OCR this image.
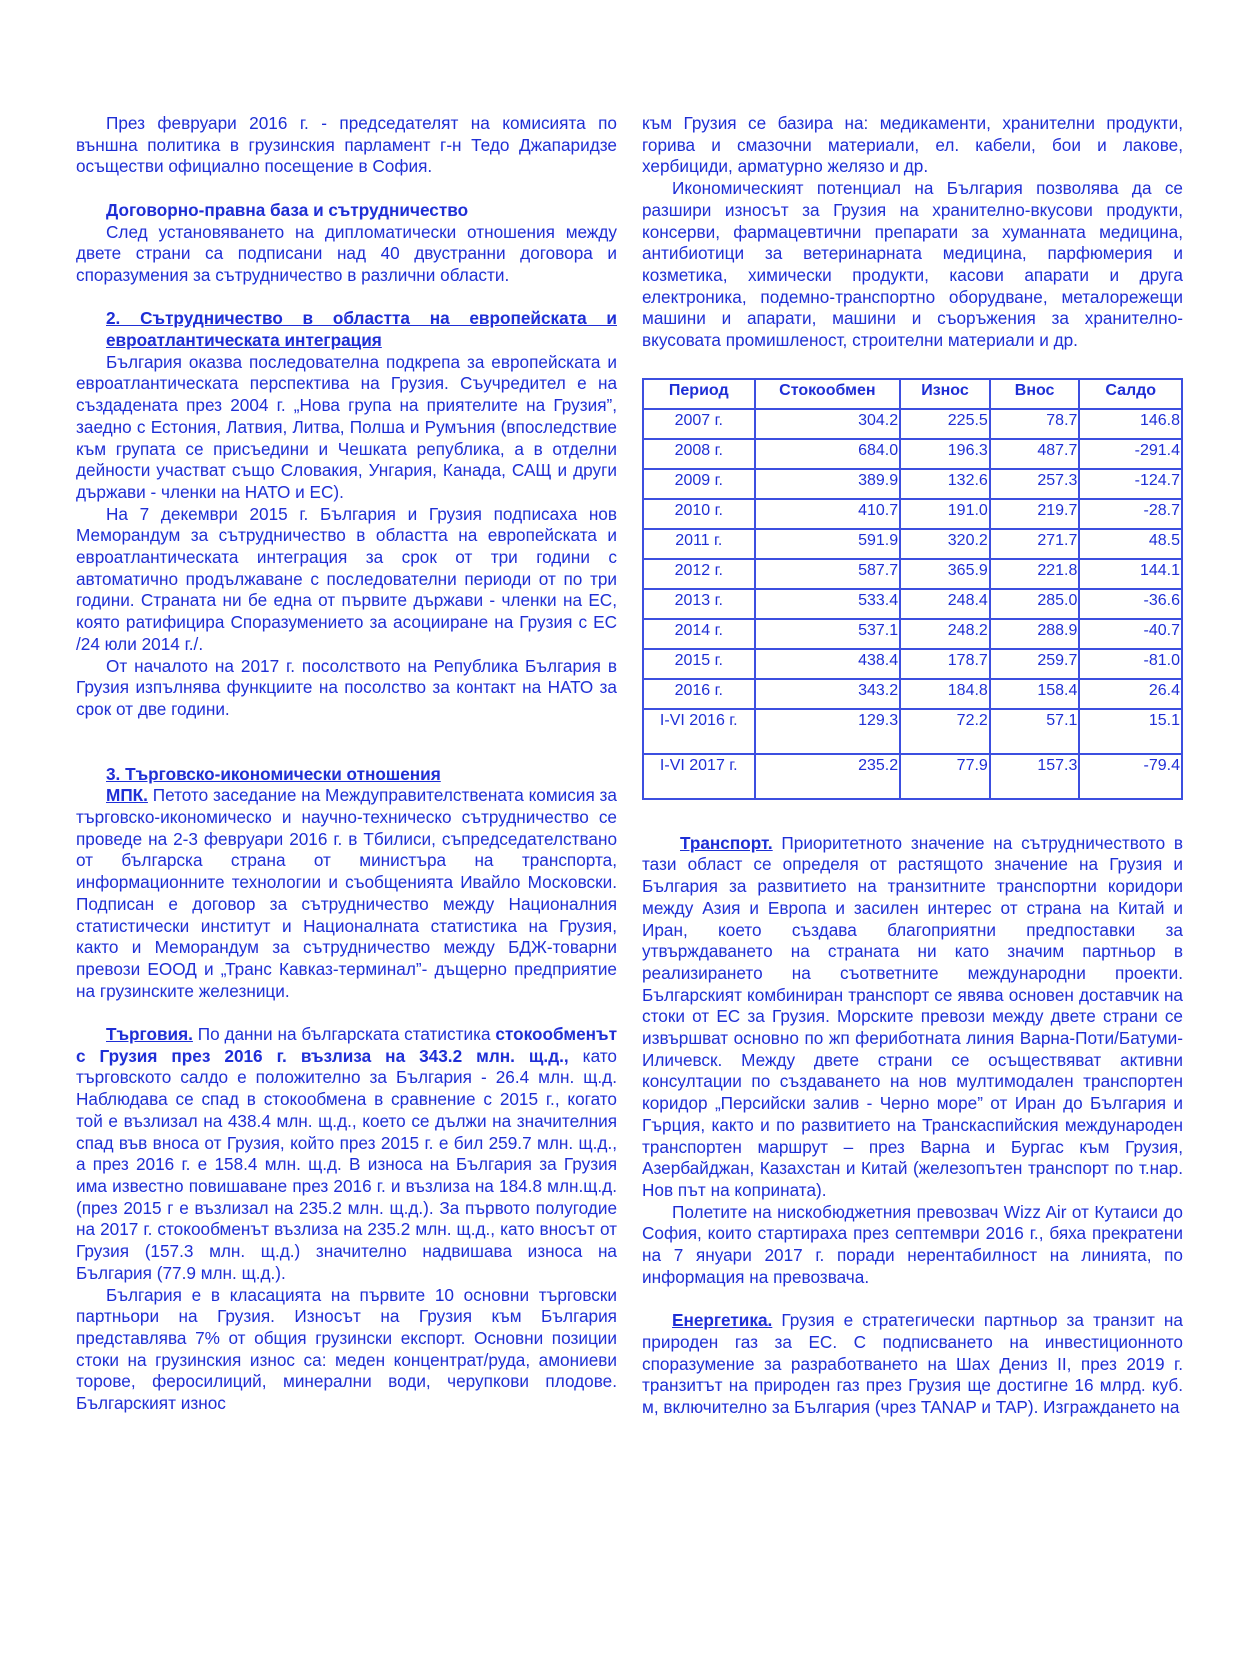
През февруари 2016 г. - председателят на комисията по външна политика в грузинския парламент г-н Тедо Джапаридзе осъществи официално посещение в София.

Договорно-правна база и сътрудничество

След установяването на дипломатически отношения между двете страни са подписани над 40 двустранни договора и споразумения за сътрудничество в различни области.

2. Сътрудничество в областта на европейската и евроатлантическата интеграция

България оказва последователна подкрепа за европейската и евроатлантическата перспектива на Грузия. Съучредител е на създадената през 2004 г. „Нова група на приятелите на Грузия”, заедно с Естония, Латвия, Литва, Полша и Румъния (впоследствие към групата се присъедини и Чешката република, а в отделни дейности участват също Словакия, Унгария, Канада, САЩ и други държави - членки на НАТО и ЕС).

На 7 декември 2015 г. България и Грузия подписаха нов Меморандум за сътрудничество в областта на европейската и евроатлантическата интеграция за срок от три години с автоматично продължаване с последователни периоди от по три години. Страната ни бе една от първите държави - членки на ЕС, която ратифицира Споразумението за асоцииране на Грузия с ЕС /24 юли 2014 г./.

От началото на 2017 г. посолството на Република България в Грузия изпълнява функциите на посолство за контакт на НАТО за срок от две години.

3. Търговско-икономически отношения

МПК. Петото заседание на Междуправителствената комисия за търговско-икономическо и научно-техническо сътрудничество се проведе на 2-3 февруари 2016 г. в Тбилиси, съпредседателствано от българска страна от министъра на транспорта, информационните технологии и съобщенията Ивайло Московски. Подписан е договор за сътрудничество между Националния статистически институт и Националната статистика на Грузия, както и Меморандум за сътрудничество между БДЖ-товарни превози ЕООД и „Транс Кавказ-терминал”- дъщерно предприятие на грузинските железници.

Търговия. По данни на българската статистика стокообменът с Грузия през 2016 г. възлиза на 343.2 млн. щ.д., като търговското салдо е положително за България - 26.4 млн. щ.д. Наблюдава се спад в стокообмена в сравнение с 2015 г., когато той е възлизал на 438.4 млн. щ.д., което се дължи на значителния спад във вноса от Грузия, който през 2015 г. е бил 259.7 млн. щ.д., а през 2016 г. е 158.4 млн. щ.д. В износа на България за Грузия има известно повишаване през 2016 г. и възлиза на 184.8 млн.щ.д. (през 2015 г е възлизал на 235.2 млн. щ.д.). За първото полугодие на 2017 г. стокообменът възлиза на 235.2 млн. щ.д., като вносът от Грузия (157.3 млн. щ.д.) значително надвишава износа на България (77.9 млн. щ.д.).

България е в класацията на първите 10 основни търговски партньори на Грузия. Износът на Грузия към България представлява 7% от общия грузински експорт. Основни позиции стоки на грузинския износ са: меден концентрат/руда, амониеви торове, феросилиций, минерални води, черупкови плодове. Българският износ

към Грузия се базира на: медикаменти, хранителни продукти, горива и смазочни материали, ел. кабели, бои и лакове, хербициди, арматурно желязо и др.

Икономическият потенциал на България позволява да се разшири износът за Грузия на хранително-вкусови продукти, консерви, фармацевтични препарати за хуманната медицина, антибиотици за ветеринарната медицина, парфюмерия и козметика, химически продукти, касови апарати и друга електроника, подемно-транспортно оборудване, металорежещи машини и апарати, машини и съоръжения за хранително-вкусовата промишленост, строителни материали и др.

Период	Стокообмен	Износ	Внос	Салдо
2007 г.	304.2	225.5	78.7	146.8
2008 г.	684.0	196.3	487.7	-291.4
2009 г.	389.9	132.6	257.3	-124.7
2010 г.	410.7	191.0	219.7	-28.7
2011 г.	591.9	320.2	271.7	48.5
2012 г.	587.7	365.9	221.8	144.1
2013 г.	533.4	248.4	285.0	-36.6
2014 г.	537.1	248.2	288.9	-40.7
2015 г.	438.4	178.7	259.7	-81.0
2016 г.	343.2	184.8	158.4	26.4
I-VI 2016 г.	129.3	72.2	57.1	15.1
I-VI 2017 г.	235.2	77.9	157.3	-79.4

Транспорт. Приоритетното значение на сътрудничеството в тази област се определя от растящото значение на Грузия и България за развитието на транзитните транспортни коридори между Азия и Европа и засилен интерес от страна на Китай и Иран, което създава благоприятни предпоставки за утвърждаването на страната ни като значим партньор в реализирането на съответните международни проекти. Българският комбиниран транспорт се явява основен доставчик на стоки от ЕС за Грузия. Морските превози между двете страни се извършват основно по жп фериботната линия Варна-Поти/Батуми-Иличевск. Между двете страни се осъществяват активни консултации по създаването на нов мултимодален транспортен коридор „Персийски залив - Черно море” от Иран до България и Гърция, както и по развитието на Транскаспийския международен транспортен маршрут – през Варна и Бургас към Грузия, Азербайджан, Казахстан и Китай (железопътен транспорт по т.нар. Нов път на коприната).

Полетите на нискобюджетния превозвач Wizz Air от Кутаиси до София, които стартираха през септември 2016 г., бяха прекратени на 7 януари 2017 г. поради нерентабилност на линията, по информация на превозвача.

Енергетика. Грузия е стратегически партньор за транзит на природен газ за ЕС. С подписването на инвестиционното споразумение за разработването на Шах Дениз II, през 2019 г. транзитът на природен газ през Грузия ще достигне 16 млрд. куб. м, включително за България (чрез TANAP и TAP). Изграждането на
